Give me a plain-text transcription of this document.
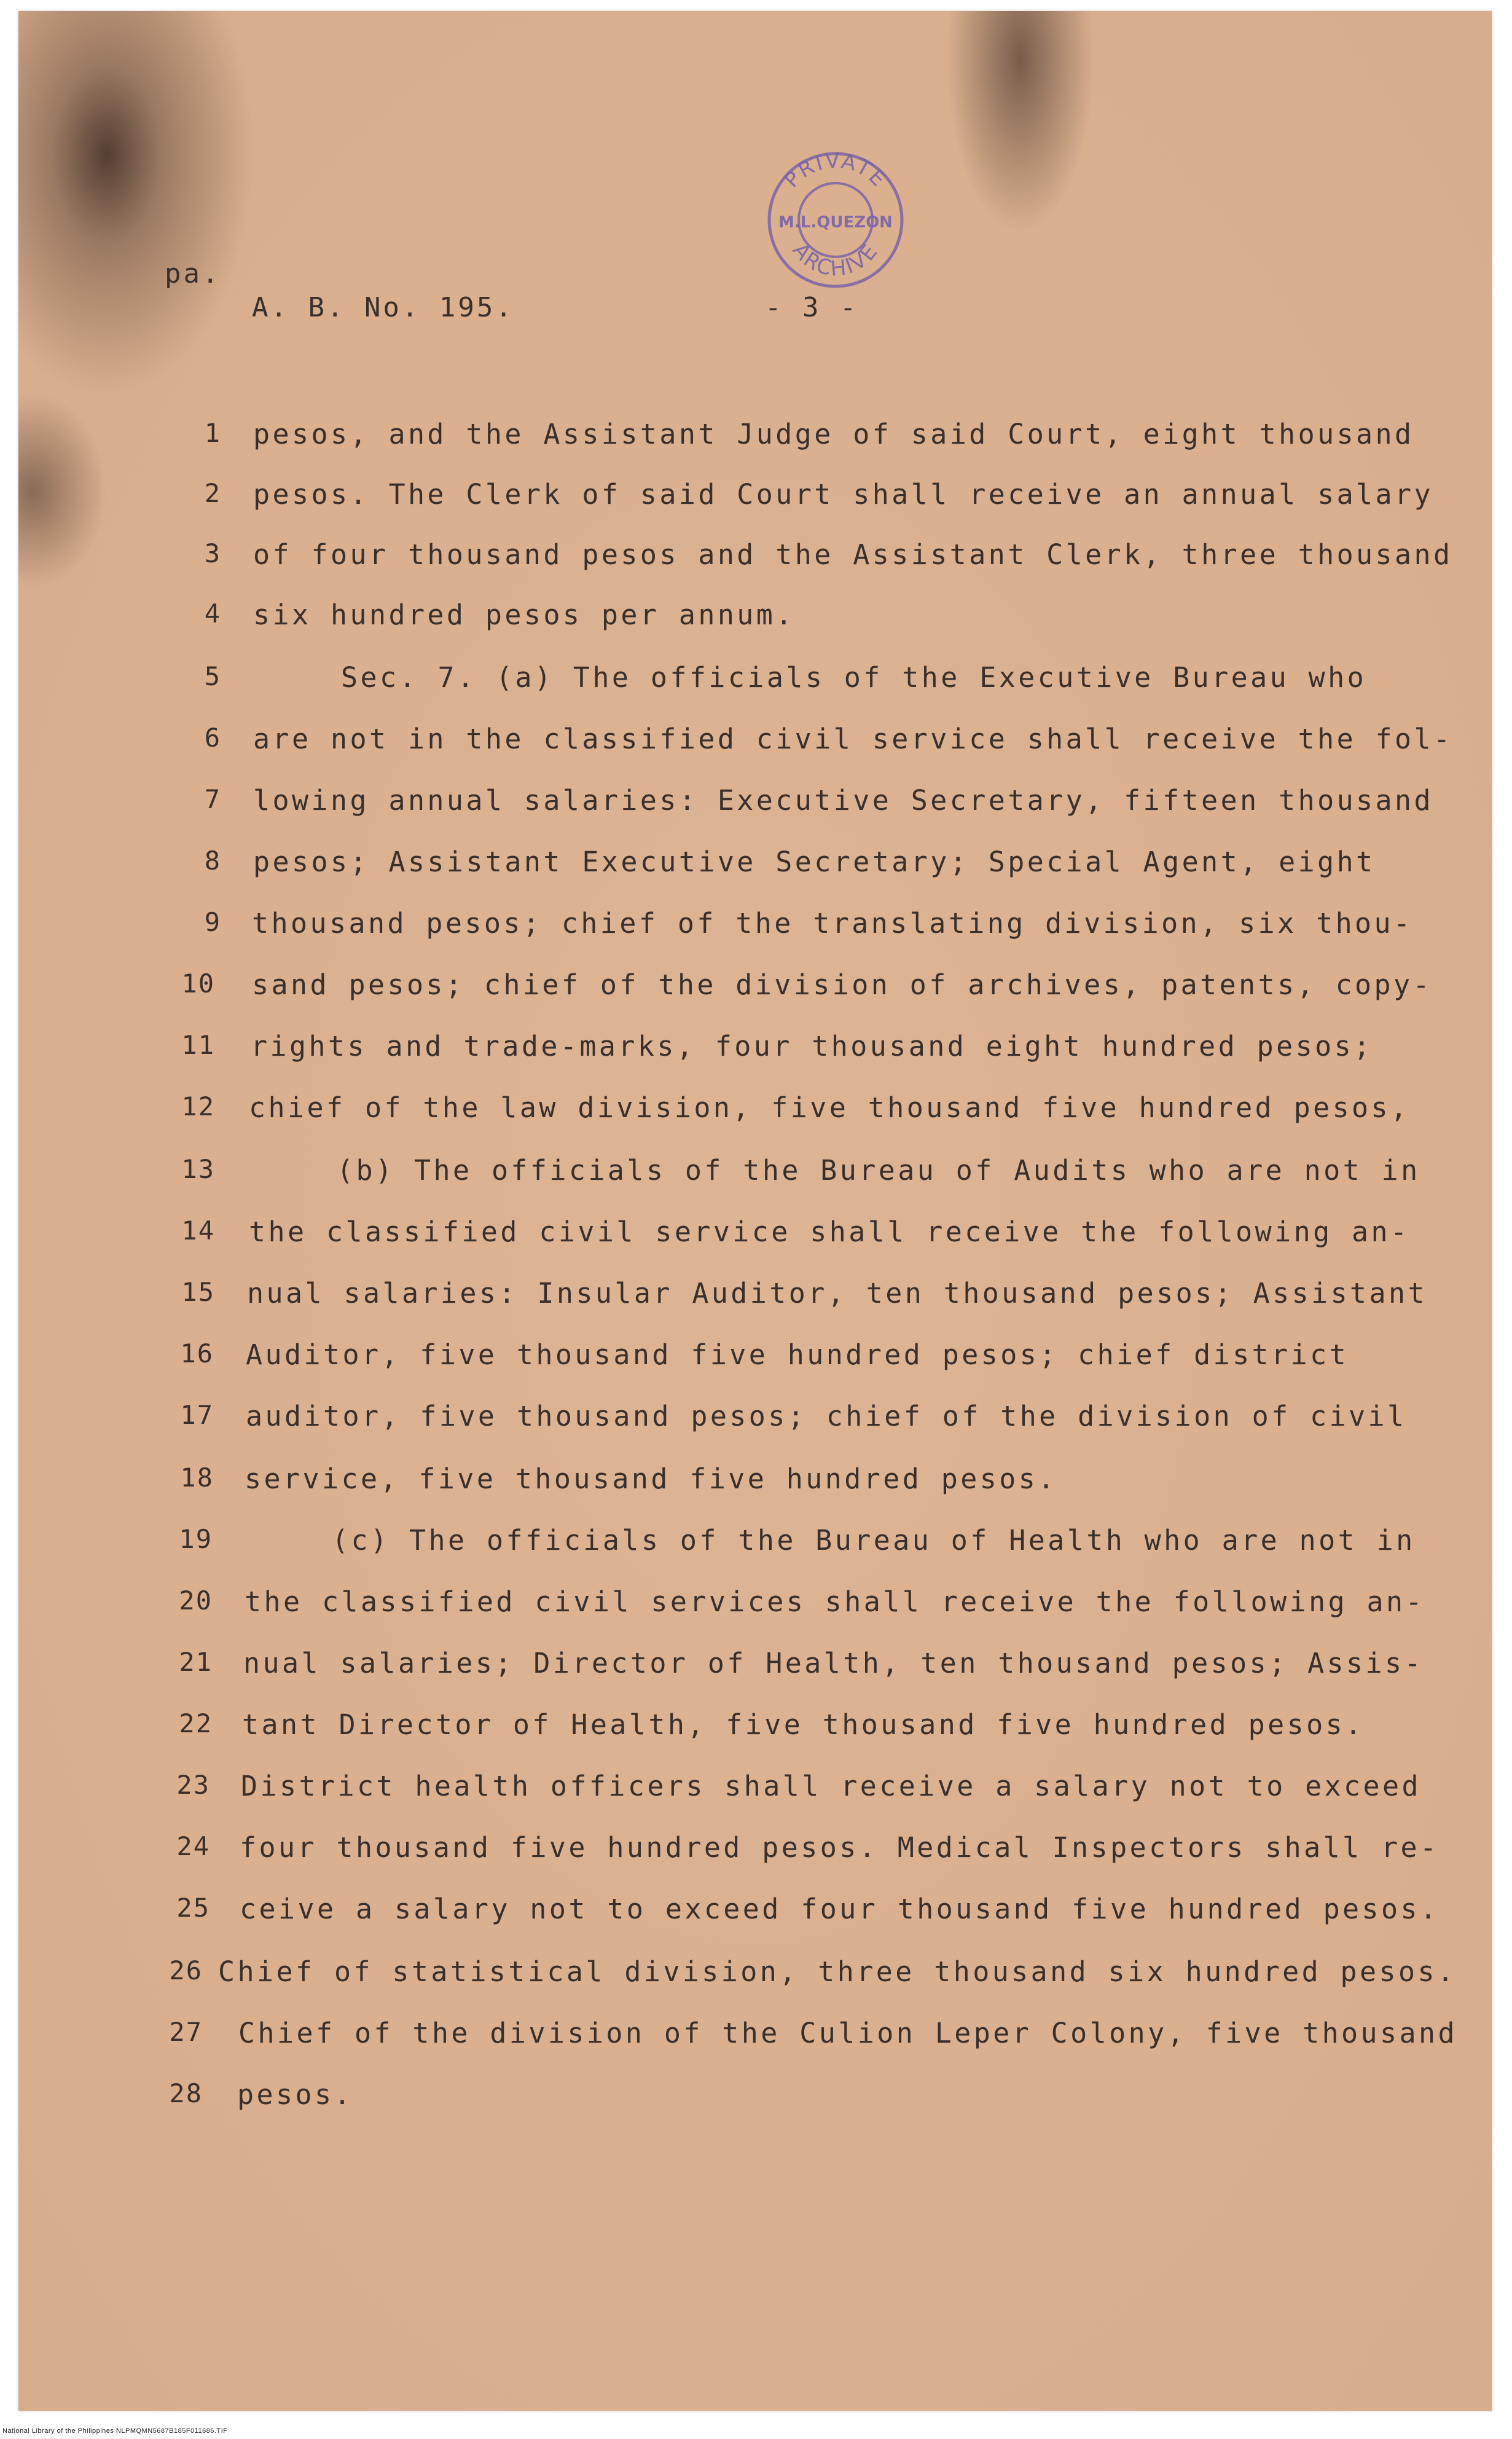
PRIVATE
M.L.QUEZON
ARCHIVE
pa.
A. B. No. 195.	- 3 -
1 pesos, and the Assistant Judge of said Court, eight thousand
2 pesos. The Clerk of said Court shall receive an annual salary
3 of four thousand pesos and the Assistant Clerk, three thousand
4 six hundred pesos per annum.
5	Sec. 7. (a) The officials of the Executive Bureau who
6 are not in the classified civil service shall receive the fol-
7 lowing annual salaries: Executive Secretary, fifteen thousand
8 pesos; Assistant Executive Secretary; Special Agent, eight
9 thousand pesos; chief of the translating division, six thou-
10 sand pesos; chief of the division of archives, patents, copy-
11 rights and trade-marks, four thousand eight hundred pesos;
12 chief of the law division, five thousand five hundred pesos,
13	(b) The officials of the Bureau of Audits who are not in
14 the classified civil service shall receive the following an-
15 nual salaries: Insular Auditor, ten thousand pesos; Assistant
16 Auditor, five thousand five hundred pesos; chief district
17 auditor, five thousand pesos; chief of the division of civil
18 service, five thousand five hundred pesos.
19	(c) The officials of the Bureau of Health who are not in
20 the classified civil services shall receive the following an-
21 nual salaries; Director of Health, ten thousand pesos; Assis-
22 tant Director of Health, five thousand five hundred pesos.
23 District health officers shall receive a salary not to exceed
24 four thousand five hundred pesos. Medical Inspectors shall re-
25 ceive a salary not to exceed four thousand five hundred pesos.
26 Chief of statistical division, three thousand six hundred pesos.
27 Chief of the division of the Culion Leper Colony, five thousand
28 pesos.
National Library of the Philippines NLPMQMN5687B185F011686.TIF
